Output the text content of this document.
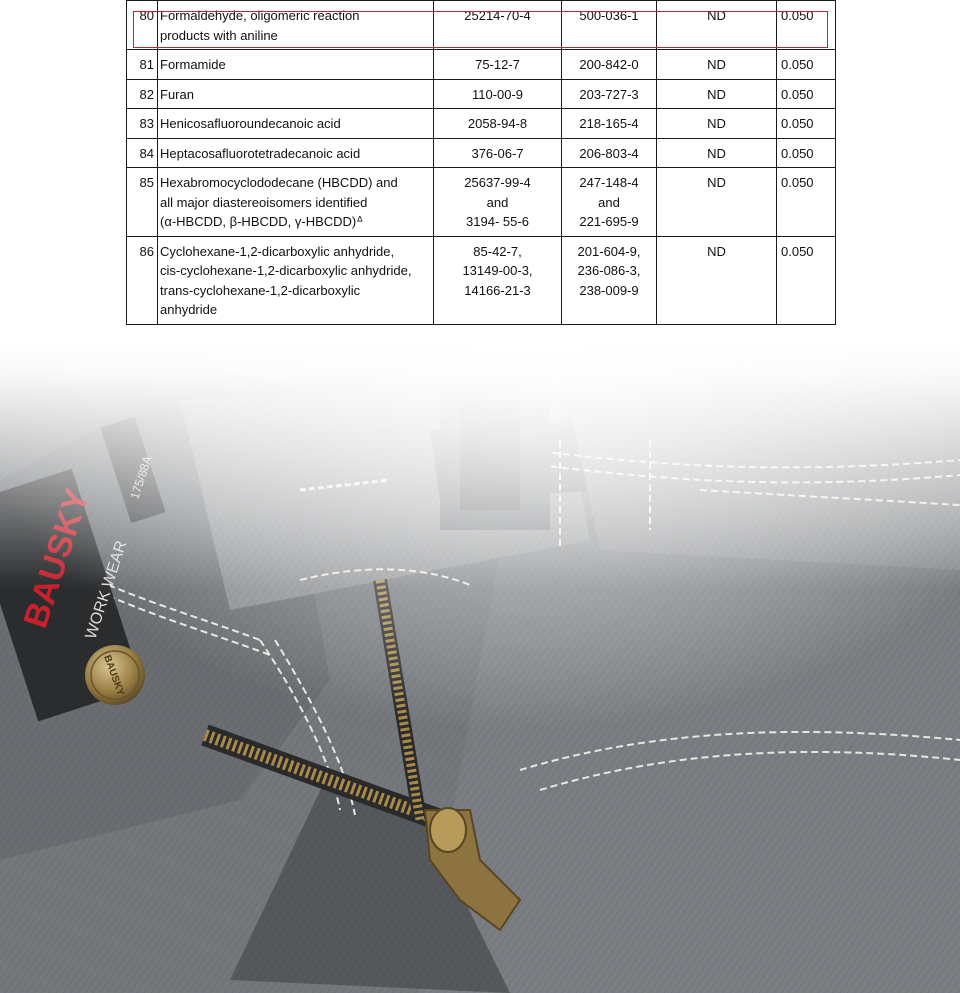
80	Formaldehyde, oligomeric reaction
products with aniline	25214-70-4	500-036-1	ND	0.050
81	Formamide	75-12-7	200-842-0	ND	0.050
82	Furan	110-00-9	203-727-3	ND	0.050
83	Henicosafluoroundecanoic acid	2058-94-8	218-165-4	ND	0.050
84	Heptacosafluorotetradecanoic acid	376-06-7	206-803-4	ND	0.050
85	Hexabromocyclododecane (HBCDD) and
all major diastereoisomers identified
(α-HBCDD, β-HBCDD, γ-HBCDD)ᐞ	25637-99-4
and
3194- 55-6	247-148-4
and
221-695-9	ND	0.050
86	Cyclohexane-1,2-dicarboxylic anhydride,
cis-cyclohexane-1,2-dicarboxylic anhydride,
trans-cyclohexane-1,2-dicarboxylic
anhydride	85-42-7,
13149-00-3,
14166-21-3	201-604-9,
236-086-3,
238-009-9	ND	0.050
